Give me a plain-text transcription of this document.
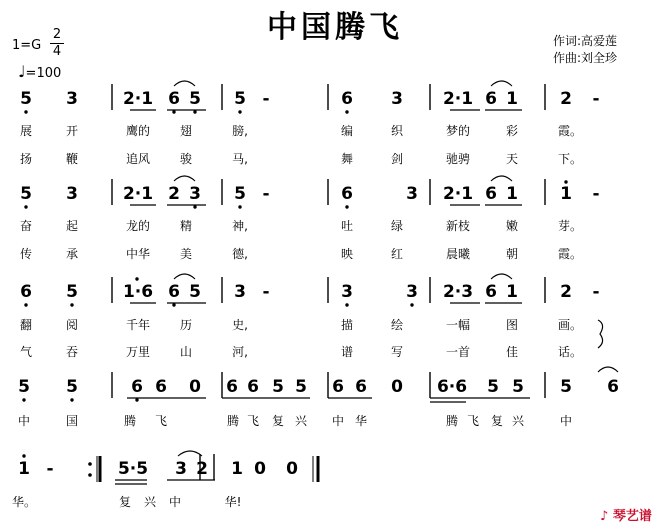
中国腾飞
1=G
2
4
♩=100
作词:高爱莲
作曲:刘全珍
♪ 琴艺谱
5 3	2·1 6 5 5 -	6 3 2·1 6 1 2 -
展	开	鹰的 翅	膀,	编	织	梦的	彩	霞。
扬	鞭	追风 骏	马,	舞	剑	驰骋	天	下。
5 3	2·1 2 3 5 -	6	3 2·1 6 1 1 -
奋	起	龙的 精	神,	吐	绿	新枝	嫩	芽。
传	承	中华 美	德,	映	红	晨曦	朝	霞。
6 5	1·6 6 5 3 -	3	3 2·3 6 1 2 -
翻	阅	千年 历	史,	描	绘	一幅	图	画。
气	吞	万里 山	河,	谱	写	一首	佳	话。
5 5	6 6 0 6 6 5 5 6 6 0 6·6 5 5 5 6
中	国	腾 飞	腾 飞 复 兴 中 华	腾 飞 复 兴	中
1 -	5·5 3 2 1 0 0
华。	复 兴 中	华!
